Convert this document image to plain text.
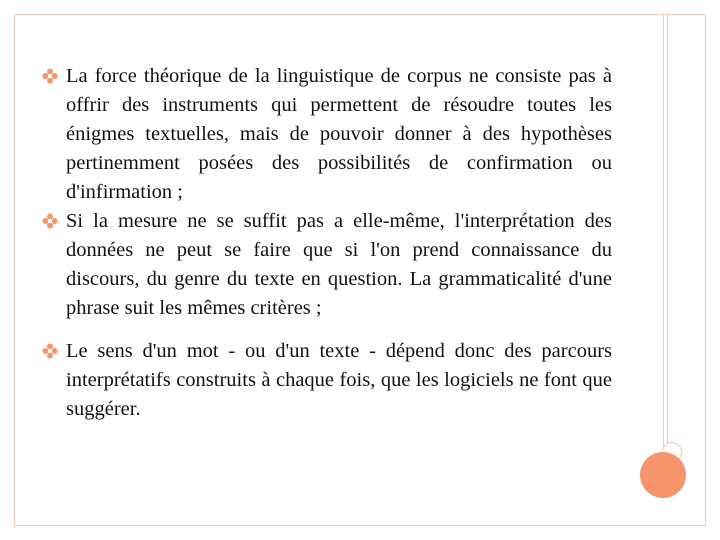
La force théorique de la linguistique de corpus ne consiste pas à offrir des instruments qui permettent de résoudre toutes les énigmes textuelles, mais de pouvoir donner à des hypothèses pertinemment posées des possibilités de confirmation ou d'infirmation ;

Si la mesure ne se suffit pas a elle-même, l'interprétation des données ne peut se faire que si l'on prend connaissance du discours, du genre du texte en question. La grammaticalité d'une phrase suit les mêmes critères ;

Le sens d'un mot - ou d'un texte - dépend donc des parcours interprétatifs construits à chaque fois, que les logiciels ne font que suggérer.
